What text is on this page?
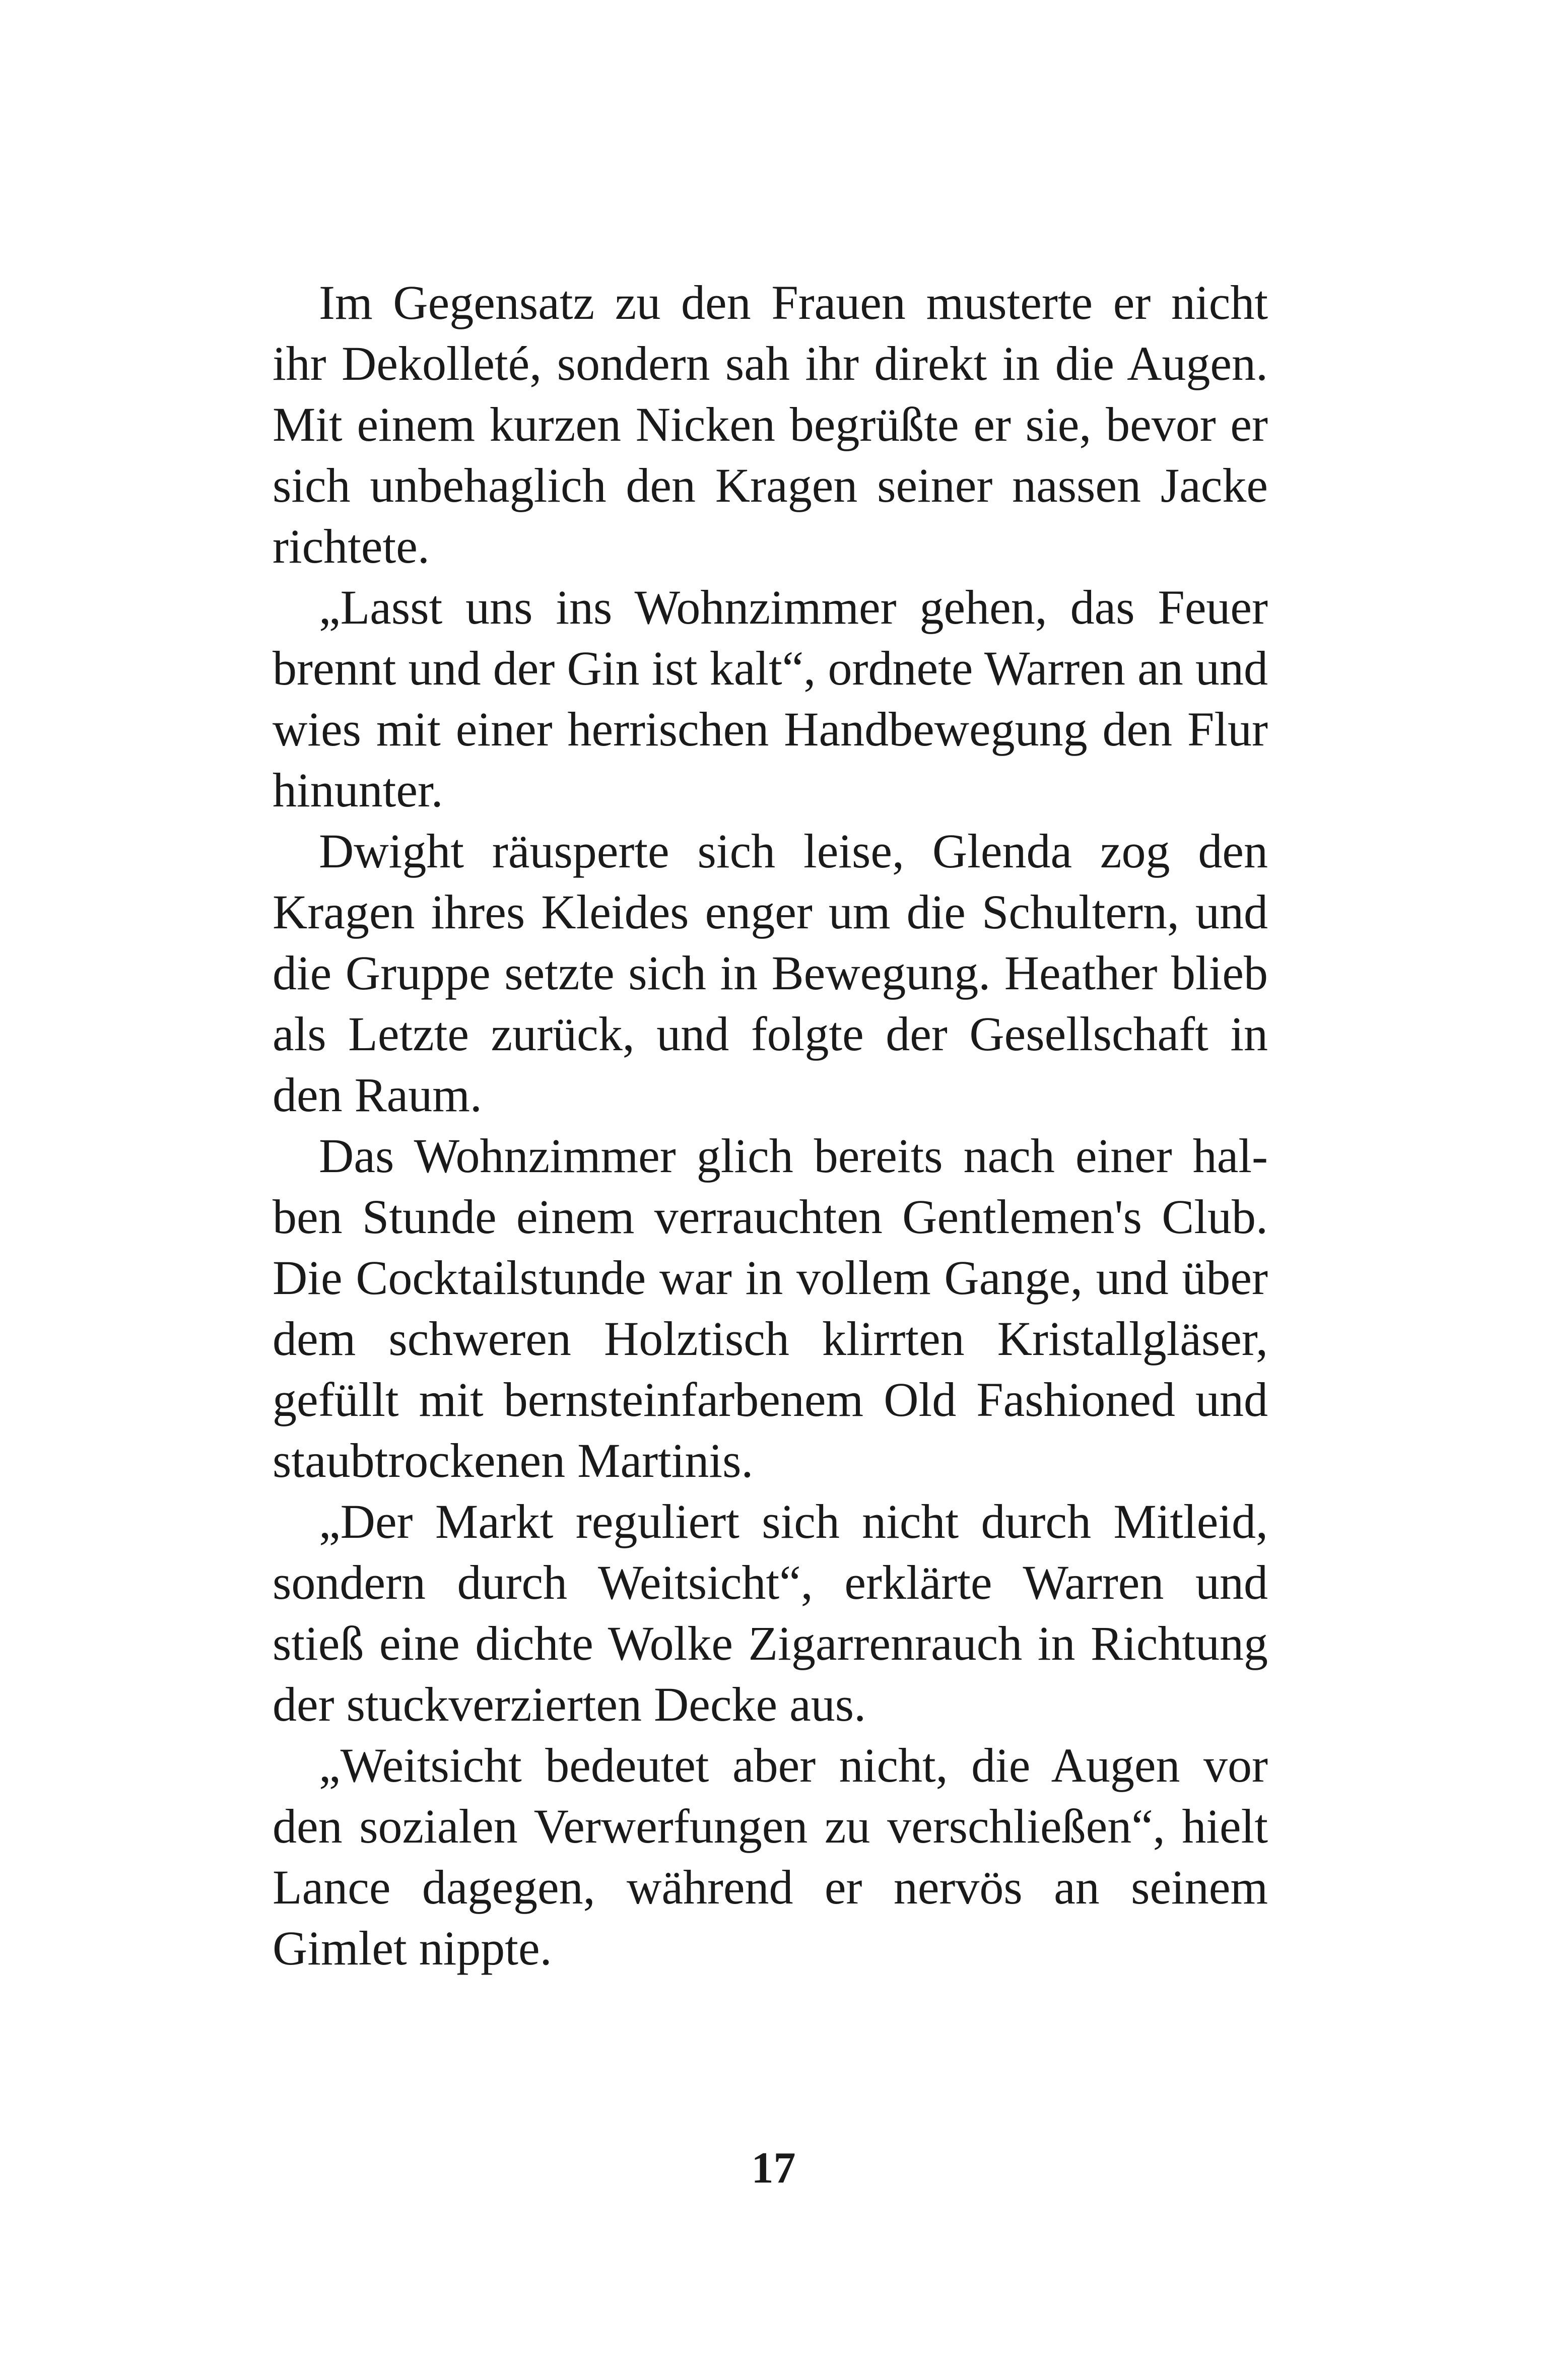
Im Gegensatz zu den Frauen musterte er nicht ihr Dekolleté, sondern sah ihr direkt in die Augen. Mit einem kurzen Nicken begrüßte er sie, bevor er sich unbehaglich den Kragen seiner nassen Jacke richtete.

„Lasst uns ins Wohnzimmer gehen, das Feuer brennt und der Gin ist kalt“, ordnete Warren an und wies mit einer herrischen Handbewegung den Flur hinunter.

Dwight räusperte sich leise, Glenda zog den Kragen ihres Kleides enger um die Schultern, und die Gruppe setzte sich in Bewegung. Heather blieb als Letzte zurück, und folgte der Gesellschaft in den Raum.

Das Wohnzimmer glich bereits nach einer halben Stunde einem verrauchten Gentlemen's Club. Die Cocktailstunde war in vollem Gange, und über dem schweren Holztisch klirrten Kristallgläser, gefüllt mit bernsteinfarbenem Old Fashioned und staubtrockenen Martinis.

„Der Markt reguliert sich nicht durch Mitleid, sondern durch Weitsicht“, erklärte Warren und stieß eine dichte Wolke Zigarrenrauch in Richtung der stuckverzierten Decke aus.

„Weitsicht bedeutet aber nicht, die Augen vor den sozialen Verwerfungen zu verschließen“, hielt Lance dagegen, während er nervös an seinem Gimlet nippte.

17
